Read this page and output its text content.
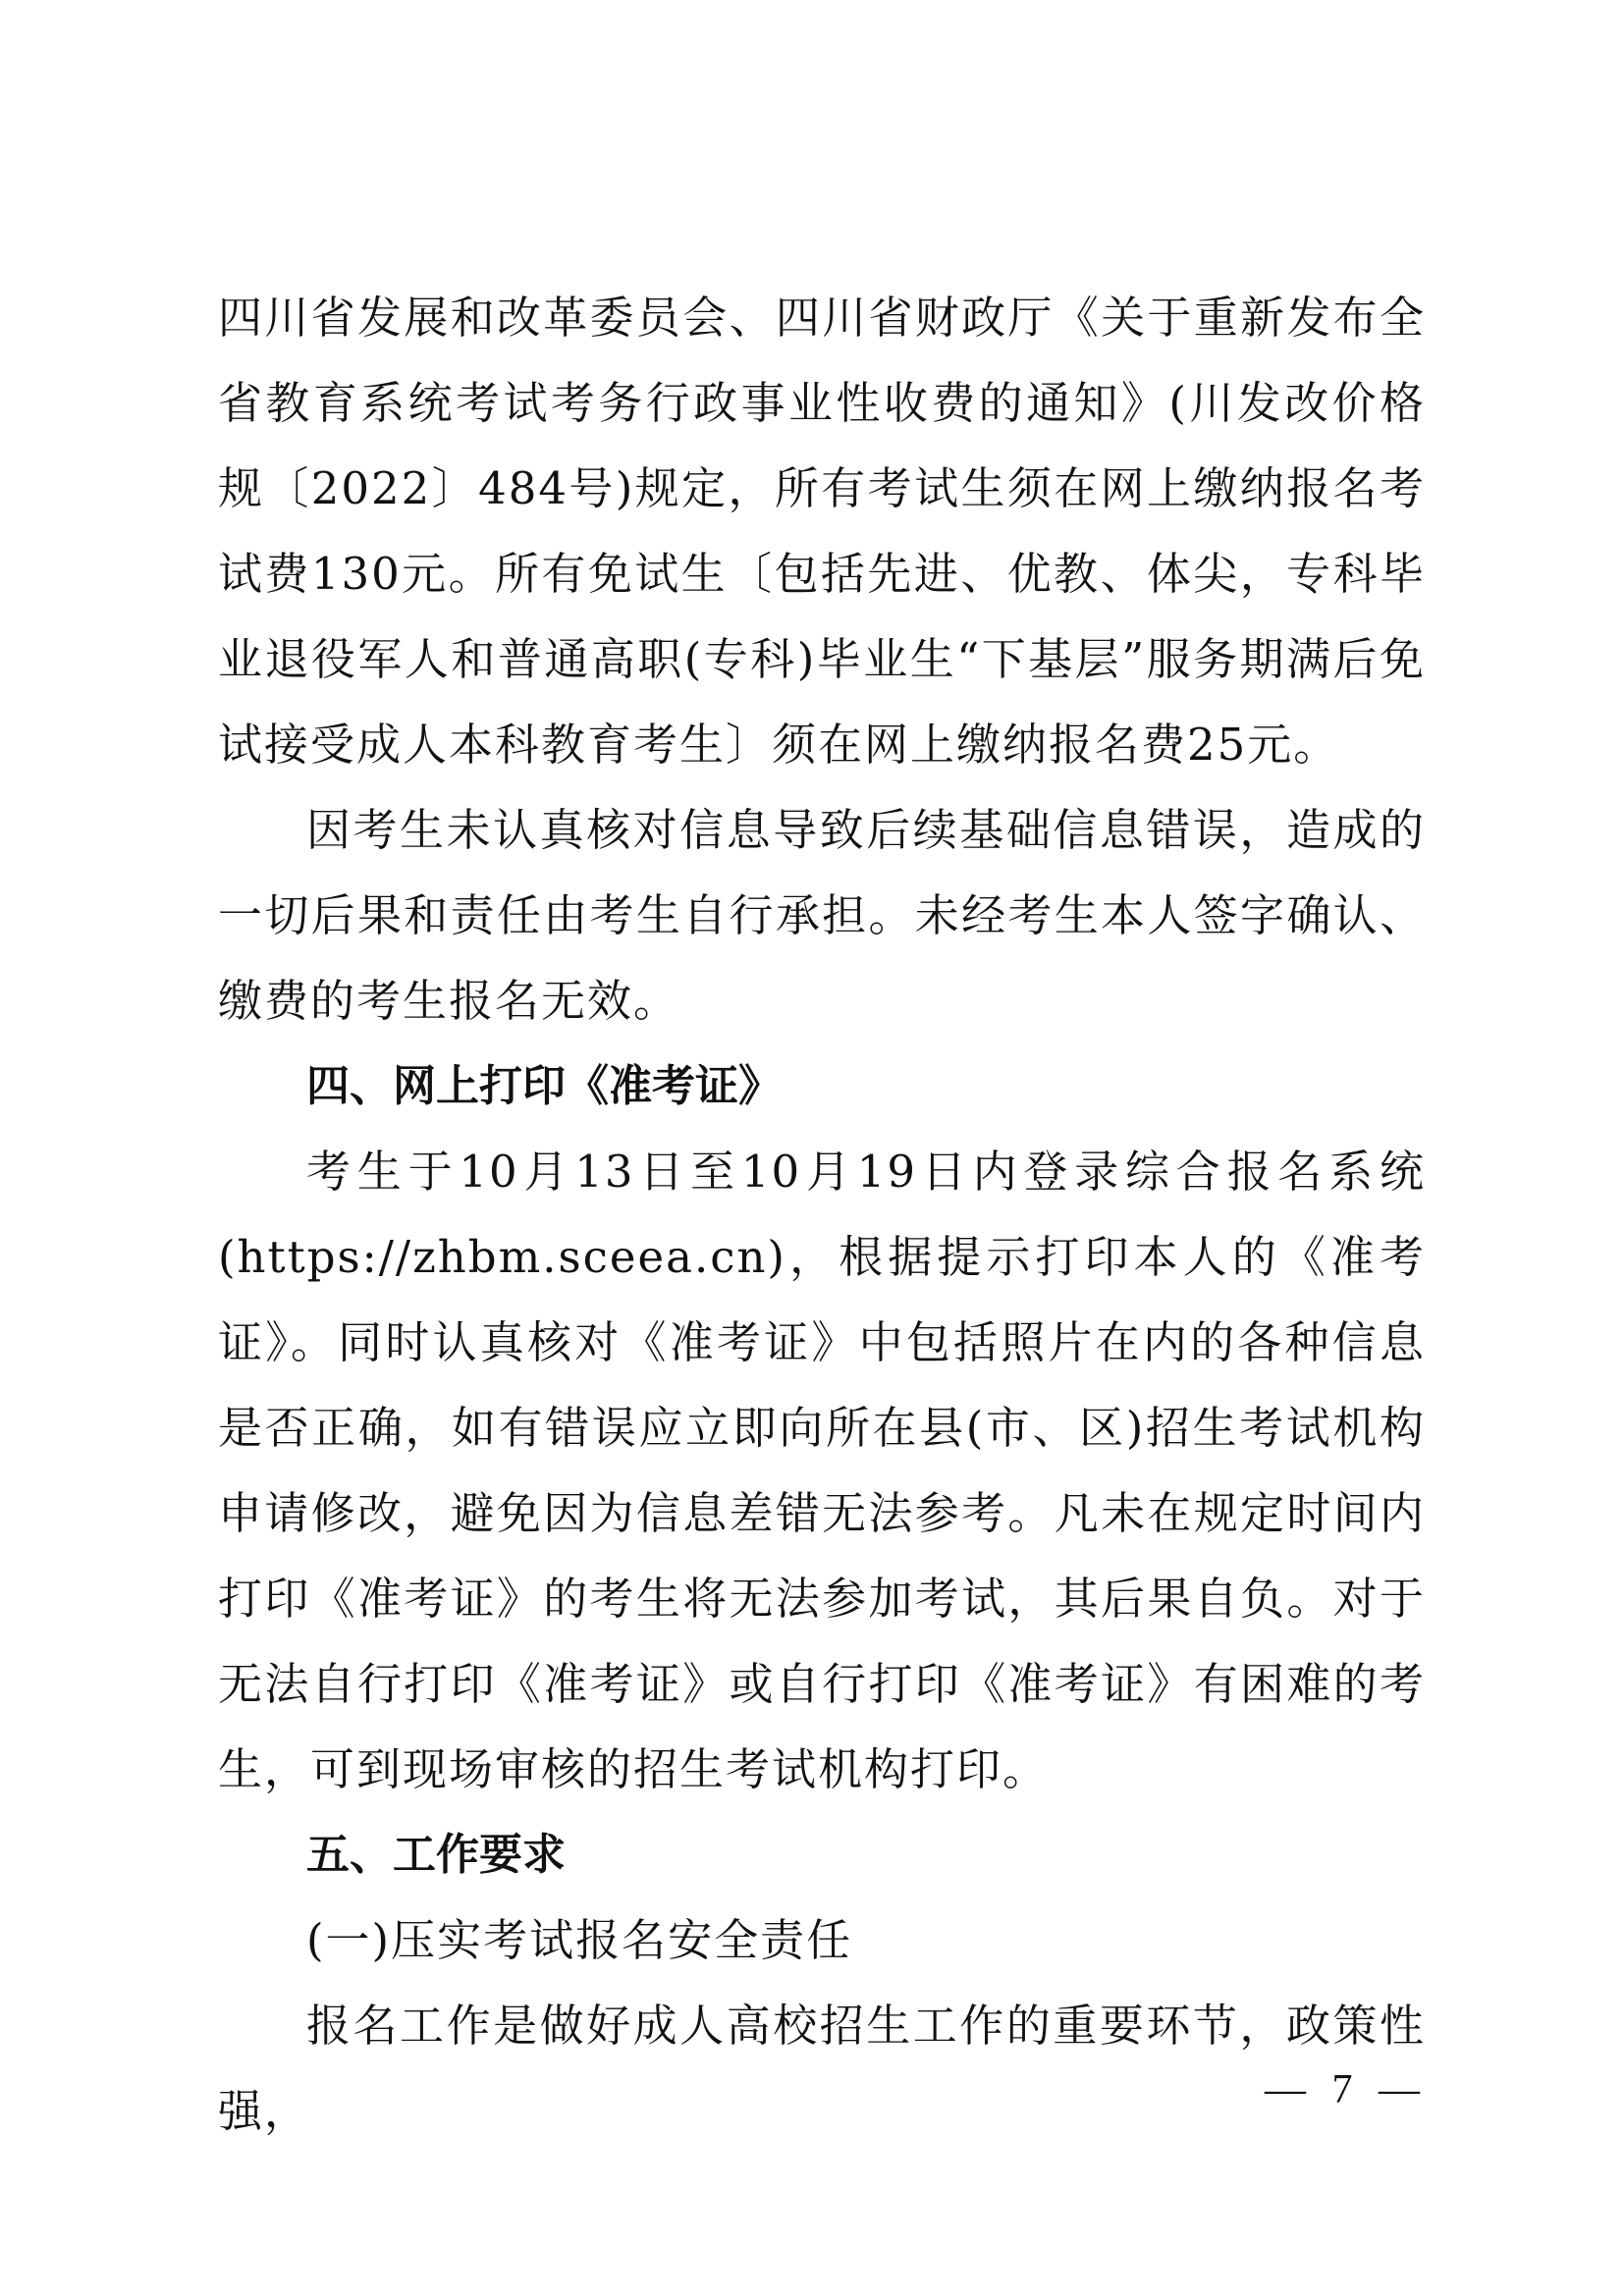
四川省发展和改革委员会、四川省财政厅《关于重新发布全省教育系统考试考务行政事业性收费的通知》(川发改价格规〔2022〕484号)规定，所有考试生须在网上缴纳报名考试费130元。所有免试生〔包括先进、优教、体尖，专科毕业退役军人和普通高职(专科)毕业生“下基层”服务期满后免试接受成人本科教育考生〕须在网上缴纳报名费25元。

因考生未认真核对信息导致后续基础信息错误，造成的一切后果和责任由考生自行承担。未经考生本人签字确认、缴费的考生报名无效。

四、网上打印《准考证》

考生于10月13日至10月19日内登录综合报名系统(https://zhbm.sceea.cn)，根据提示打印本人的《准考证》。同时认真核对《准考证》中包括照片在内的各种信息是否正确，如有错误应立即向所在县(市、区)招生考试机构申请修改，避免因为信息差错无法参考。凡未在规定时间内打印《准考证》的考生将无法参加考试，其后果自负。对于无法自行打印《准考证》或自行打印《准考证》有困难的考生，可到现场审核的招生考试机构打印。

五、工作要求

(一)压实考试报名安全责任

报名工作是做好成人高校招生工作的重要环节，政策性强，	— 7 —
